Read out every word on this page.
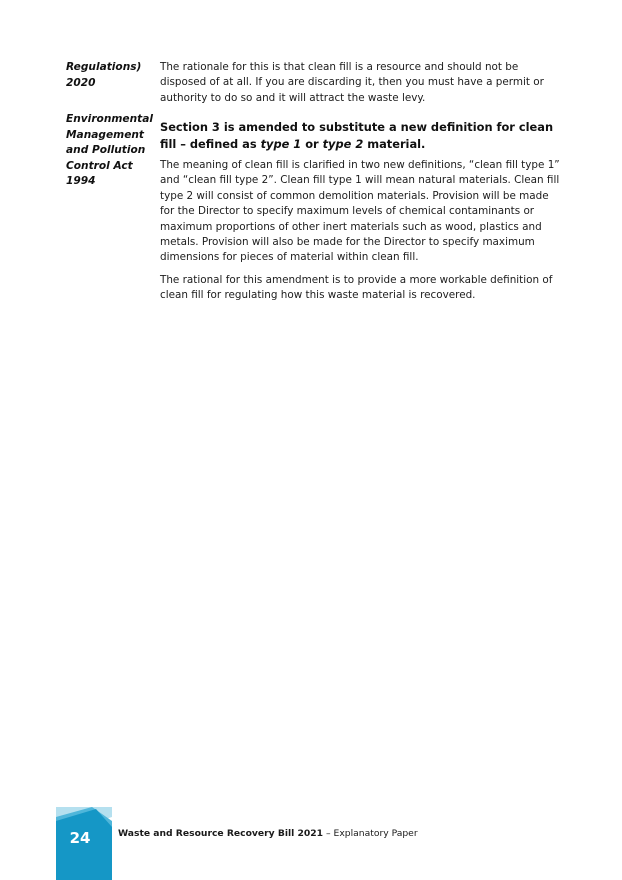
Regulations)
2020
Environmental
Management
and Pollution
Control Act
1994

The rationale for this is that clean fill is a resource and should not be disposed of at all. If you are discarding it, then you must have a permit or authority to do so and it will attract the waste levy.

Section 3 is amended to substitute a new definition for clean fill – defined as type 1 or type 2 material.

The meaning of clean fill is clarified in two new definitions, “clean fill type 1” and “clean fill type 2”. Clean fill type 1 will mean natural materials. Clean fill type 2 will consist of common demolition materials. Provision will be made for the Director to specify maximum levels of chemical contaminants or maximum proportions of other inert materials such as wood, plastics and metals. Provision will also be made for the Director to specify maximum dimensions for pieces of material within clean fill.

The rational for this amendment is to provide a more workable definition of clean fill for regulating how this waste material is recovered.

24	Waste and Resource Recovery Bill 2021 – Explanatory Paper
